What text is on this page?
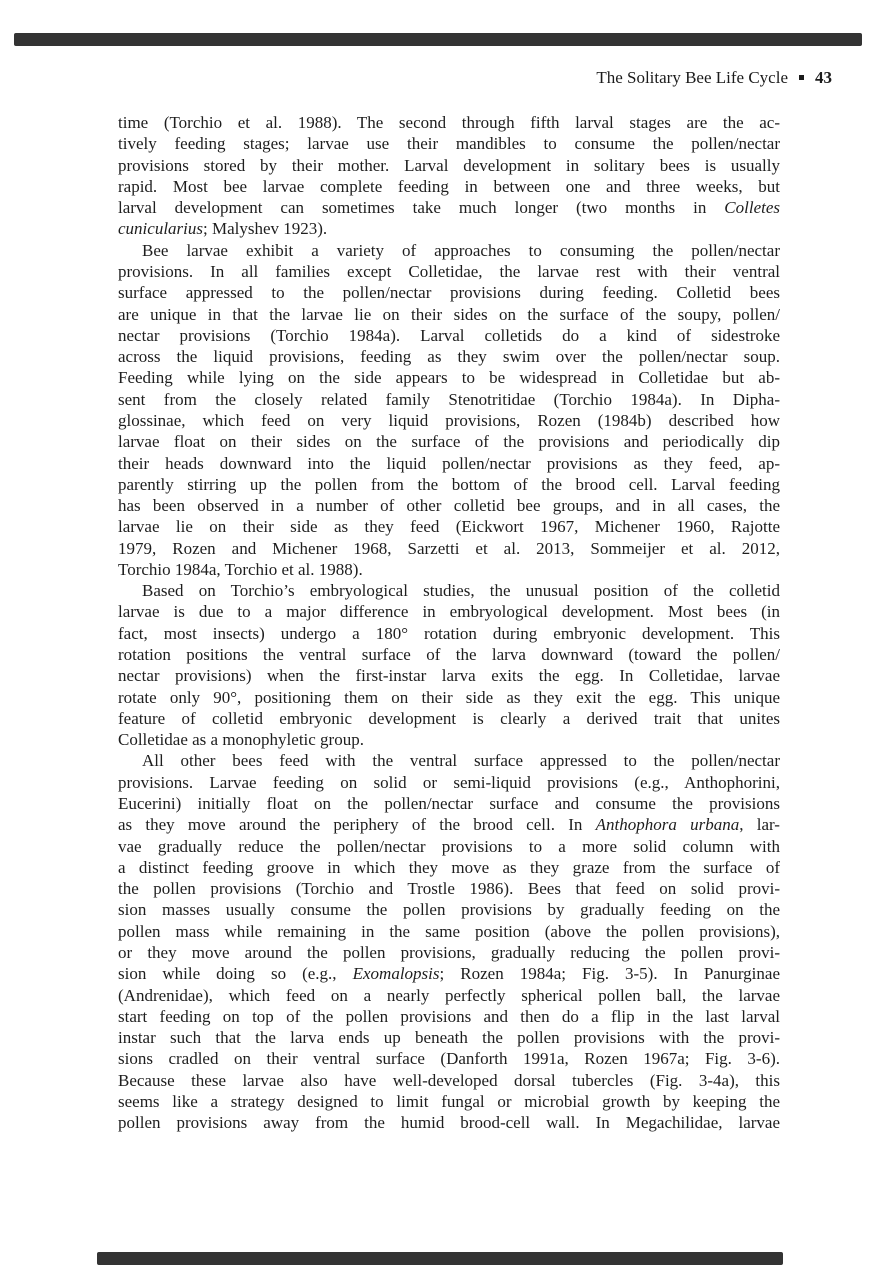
The Solitary Bee Life Cycle 43
time (Torchio et al. 1988). The second through fifth larval stages are the ac-
tively feeding stages; larvae use their mandibles to consume the pollen/nectar
provisions stored by their mother. Larval development in solitary bees is usually
rapid. Most bee larvae complete feeding in between one and three weeks, but
larval development can sometimes take much longer (two months in Colletes
cunicularius; Malyshev 1923).
Bee larvae exhibit a variety of approaches to consuming the pollen/nectar
provisions. In all families except Colletidae, the larvae rest with their ventral
surface appressed to the pollen/nectar provisions during feeding. Colletid bees
are unique in that the larvae lie on their sides on the surface of the soupy, pollen/
nectar provisions (Torchio 1984a). Larval colletids do a kind of sidestroke
across the liquid provisions, feeding as they swim over the pollen/nectar soup.
Feeding while lying on the side appears to be widespread in Colletidae but ab-
sent from the closely related family Stenotritidae (Torchio 1984a). In Dipha-
glossinae, which feed on very liquid provisions, Rozen (1984b) described how
larvae float on their sides on the surface of the provisions and periodically dip
their heads downward into the liquid pollen/nectar provisions as they feed, ap-
parently stirring up the pollen from the bottom of the brood cell. Larval feeding
has been observed in a number of other colletid bee groups, and in all cases, the
larvae lie on their side as they feed (Eickwort 1967, Michener 1960, Rajotte
1979, Rozen and Michener 1968, Sarzetti et al. 2013, Sommeijer et al. 2012,
Torchio 1984a, Torchio et al. 1988).
Based on Torchio’s embryological studies, the unusual position of the colletid
larvae is due to a major difference in embryological development. Most bees (in
fact, most insects) undergo a 180° rotation during embryonic development. This
rotation positions the ventral surface of the larva downward (toward the pollen/
nectar provisions) when the first-instar larva exits the egg. In Colletidae, larvae
rotate only 90°, positioning them on their side as they exit the egg. This unique
feature of colletid embryonic development is clearly a derived trait that unites
Colletidae as a monophyletic group.
All other bees feed with the ventral surface appressed to the pollen/nectar
provisions. Larvae feeding on solid or semi-liquid provisions (e.g., Anthophorini,
Eucerini) initially float on the pollen/nectar surface and consume the provisions
as they move around the periphery of the brood cell. In Anthophora urbana, lar-
vae gradually reduce the pollen/nectar provisions to a more solid column with
a distinct feeding groove in which they move as they graze from the surface of
the pollen provisions (Torchio and Trostle 1986). Bees that feed on solid provi-
sion masses usually consume the pollen provisions by gradually feeding on the
pollen mass while remaining in the same position (above the pollen provisions),
or they move around the pollen provisions, gradually reducing the pollen provi-
sion while doing so (e.g., Exomalopsis; Rozen 1984a; Fig. 3-5). In Panurginae
(Andrenidae), which feed on a nearly perfectly spherical pollen ball, the larvae
start feeding on top of the pollen provisions and then do a flip in the last larval
instar such that the larva ends up beneath the pollen provisions with the provi-
sions cradled on their ventral surface (Danforth 1991a, Rozen 1967a; Fig. 3-6).
Because these larvae also have well-developed dorsal tubercles (Fig. 3-4a), this
seems like a strategy designed to limit fungal or microbial growth by keeping the
pollen provisions away from the humid brood-cell wall. In Megachilidae, larvae
